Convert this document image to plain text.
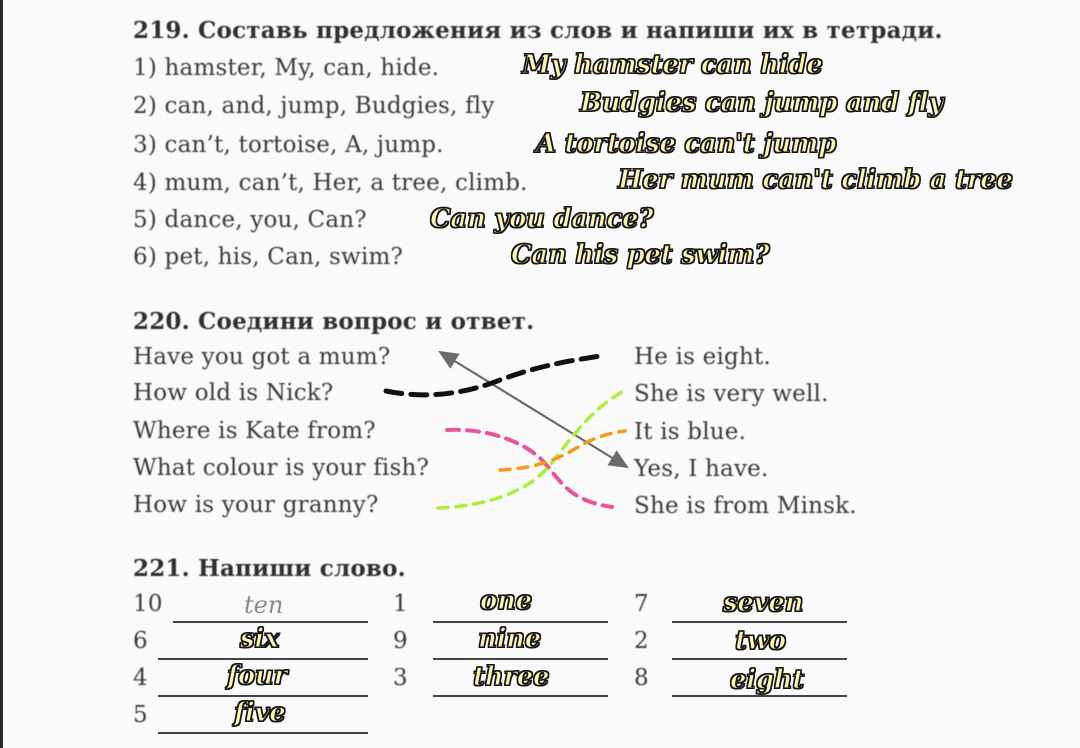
219. Составь предложения из слов и напиши их в тетради.
1) hamster, My, can, hide.	My hamster can hide
2) can, and, jump, Budgies, fly	Budgies can jump and fly
3) can’t, tortoise, A, jump.	A tortoise can't jump
4) mum, can’t, Her, a tree, climb.	Her mum can't climb a tree
5) dance, you, Can? Can you dance?
6) pet, his, Can, swim?	Can his pet swim?
220. Соедини вопрос и ответ.
Have you got a mum?
How old is Nick?
Where is Kate from?
What colour is your fish?
How is your granny?
He is eight.
She is very well.
It is blue.
Yes, I have.
She is from Minsk.
221. Напиши слово.
10	ten	1	one	7	seven
6	six	9	nine	2	two
4	four	3	three	8	eight
5	five
